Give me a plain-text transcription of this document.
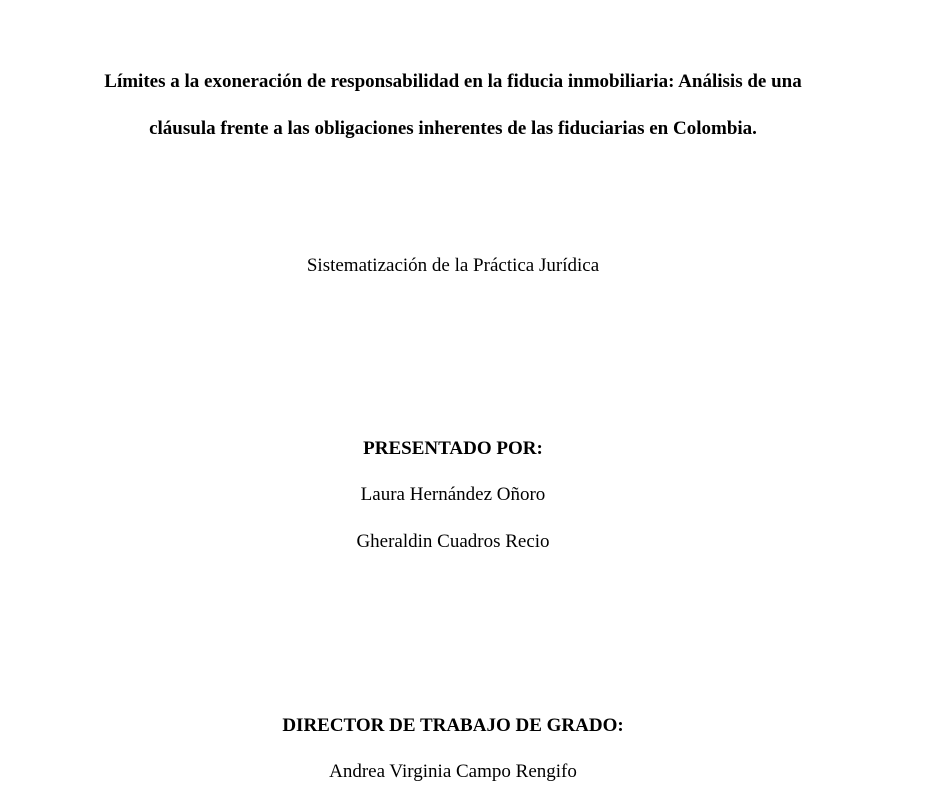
Límites a la exoneración de responsabilidad en la fiducia inmobiliaria: Análisis de una
cláusula frente a las obligaciones inherentes de las fiduciarias en Colombia.
Sistematización de la Práctica Jurídica
PRESENTADO POR:
Laura Hernández Oñoro
Gheraldin Cuadros Recio
DIRECTOR DE TRABAJO DE GRADO:
Andrea Virginia Campo Rengifo
